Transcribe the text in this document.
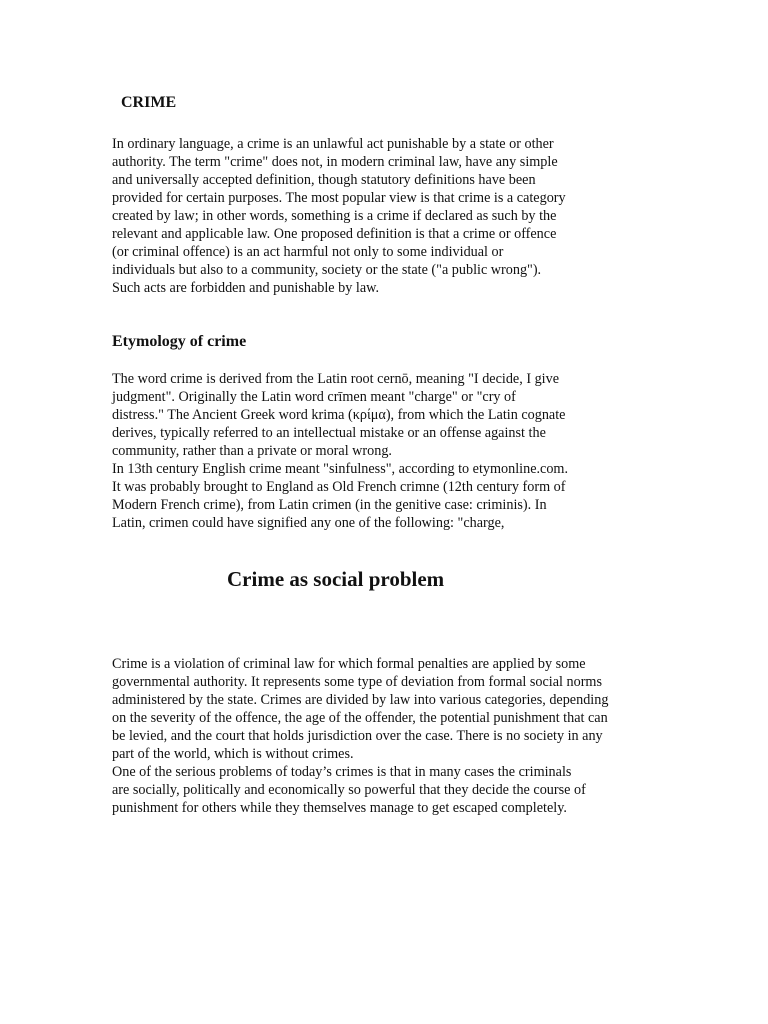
CRIME

In ordinary language, a crime is an unlawful act punishable by a state or other
authority. The term "crime" does not, in modern criminal law, have any simple
and universally accepted definition, though statutory definitions have been
provided for certain purposes. The most popular view is that crime is a category
created by law; in other words, something is a crime if declared as such by the
relevant and applicable law. One proposed definition is that a crime or offence
(or criminal offence) is an act harmful not only to some individual or
individuals but also to a community, society or the state ("a public wrong").
Such acts are forbidden and punishable by law.

Etymology of crime

The word crime is derived from the Latin root cernō, meaning "I decide, I give
judgment". Originally the Latin word crīmen meant "charge" or "cry of
distress." The Ancient Greek word krima (κρίμα), from which the Latin cognate
derives, typically referred to an intellectual mistake or an offense against the
community, rather than a private or moral wrong.
In 13th century English crime meant "sinfulness", according to etymonline.com.
It was probably brought to England as Old French crimne (12th century form of
Modern French crime), from Latin crimen (in the genitive case: criminis). In
Latin, crimen could have signified any one of the following: "charge,

Crime as social problem

Crime is a violation of criminal law for which formal penalties are applied by some
governmental authority. It represents some type of deviation from formal social norms
administered by the state. Crimes are divided by law into various categories, depending
on the severity of the offence, the age of the offender, the potential punishment that can
be levied, and the court that holds jurisdiction over the case. There is no society in any
part of the world, which is without crimes.
One of the serious problems of today’s crimes is that in many cases the criminals
are socially, politically and economically so powerful that they decide the course of
punishment for others while they themselves manage to get escaped completely.
